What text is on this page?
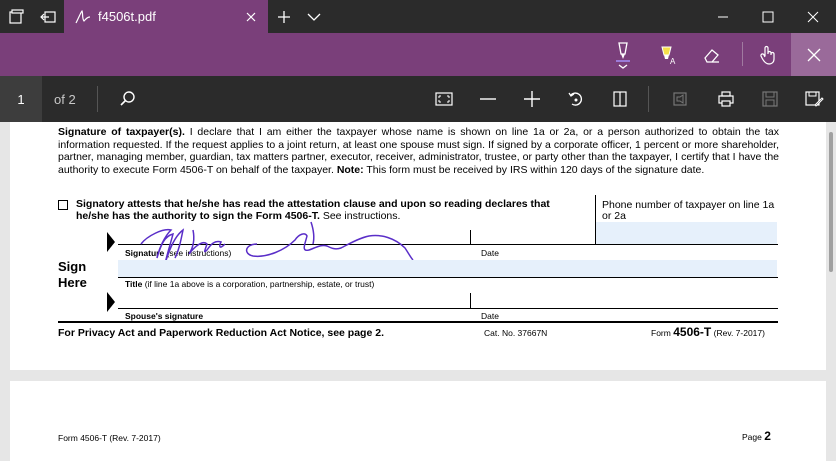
f4506t.pdf
A
1	of 2
Signature of taxpayer(s). I declare that I am either the taxpayer whose name is shown on line 1a or 2a, or a person authorized to obtain the tax information requested. If the request applies to a joint return, at least one spouse must sign. If signed by a corporate officer, 1 percent or more shareholder, partner, managing member, guardian, tax matters partner, executor, receiver, administrator, trustee, or party other than the taxpayer, I certify that I have the authority to execute Form 4506-T on behalf of the taxpayer. Note: This form must be received by IRS within 120 days of the signature date.
Signatory attests that he/she has read the attestation clause and upon so reading declares that he/she has the authority to sign the Form 4506-T. See instructions.
Phone number of taxpayer on line 1a or 2a
Signature (see instructions)	Date
Sign
Here	Title (if line 1a above is a corporation, partnership, estate, or trust)
Spouse's signature	Date
For Privacy Act and Paperwork Reduction Act Notice, see page 2.	Cat. No. 37667N	Form 4506-T (Rev. 7-2017)
Form 4506-T (Rev. 7-2017)	Page 2
